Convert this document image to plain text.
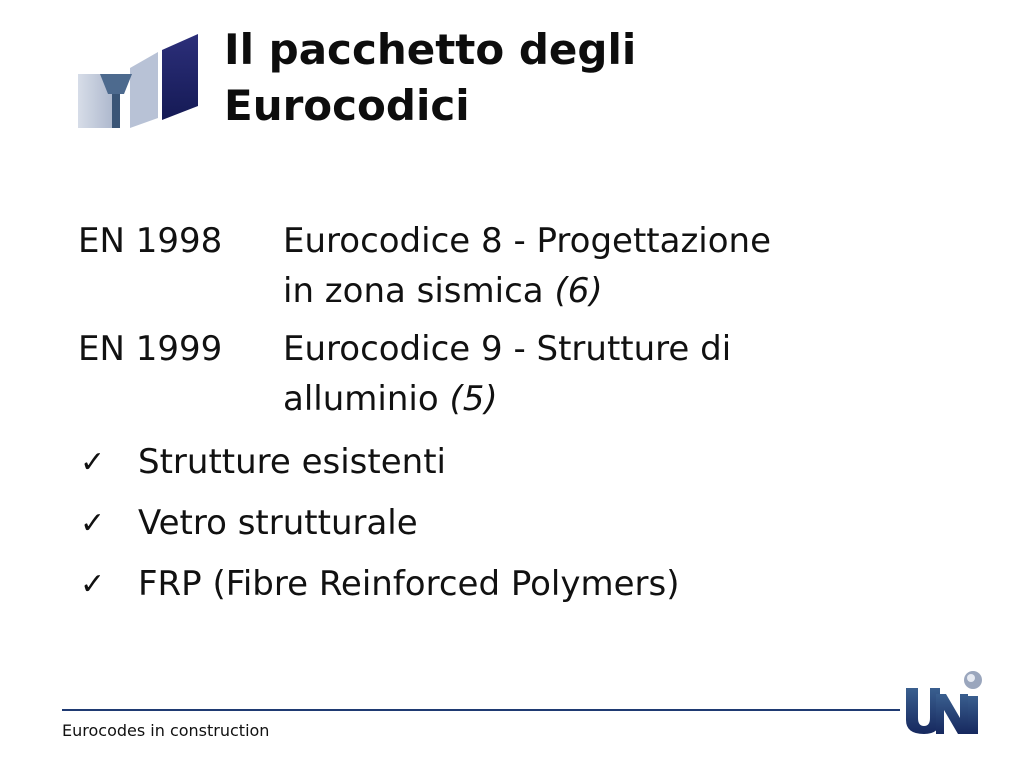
Il pacchetto degli
Eurocodici
EN 1998	Eurocodice 8 - Progettazione
in zona sismica (6)
EN 1999	Eurocodice 9 - Strutture di
alluminio (5)
✓ Strutture esistenti
✓ Vetro strutturale
✓ FRP (Fibre Reinforced Polymers)
Eurocodes in construction
